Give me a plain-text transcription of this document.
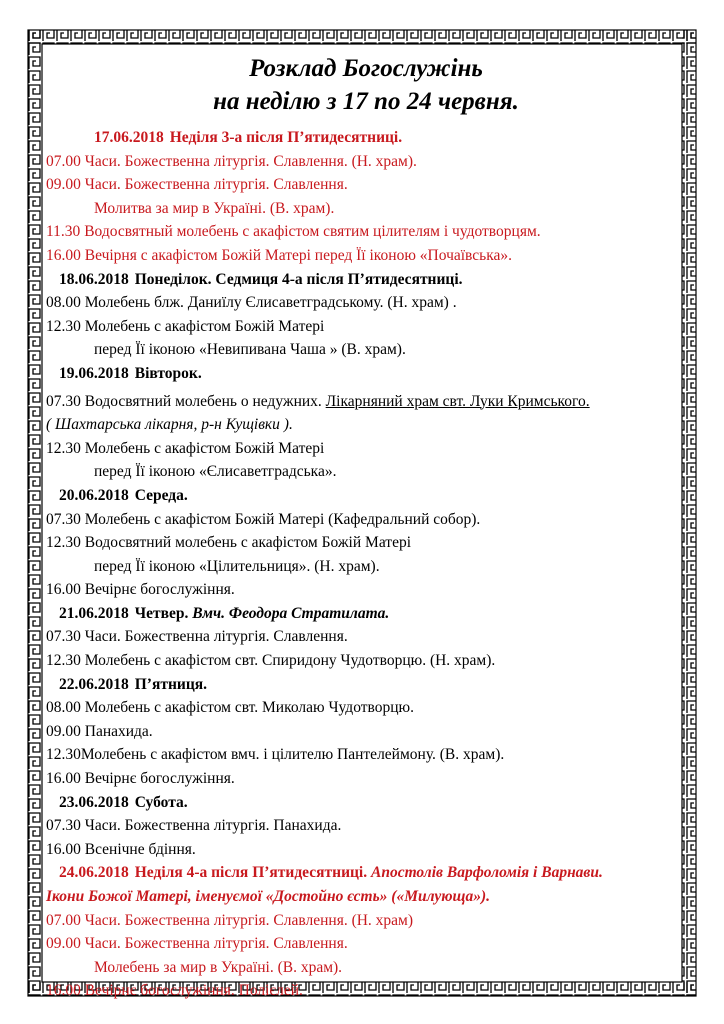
Розклад Богослужінь
на неділю з 17 по 24 червня.
17.06.2018 Неділя 3-а після П’ятидесятниці.
07.00 Часи. Божественна літургія. Славлення. (Н. храм).
09.00 Часи. Божественна літургія. Славлення.
Молитва за мир в Україні. (В. храм).
11.30 Водосвятный молебень с акафістом святим цілителям і чудотворцям.
16.00 Вечірня с акафістом Божій Матері перед Її іконою «Почаївська».
18.06.2018 Понеділок. Седмиця 4-а після П’ятидесятниці.
08.00 Молебень блж. Даниїлу Єлисаветградському. (Н. храм) .
12.30 Молебень с акафістом Божій Матері
перед Її іконою «Невипивана Чаша » (В. храм).
19.06.2018 Вівторок.
07.30 Водосвятний молебень о недужних. Лікарняний храм свт. Луки Кримського.
( Шахтарська лікарня, р-н Кущівки ).
12.30 Молебень с акафістом Божій Матері
перед Її іконою «Єлисаветградська».
20.06.2018 Середа.
07.30 Молебень с акафістом Божій Матері (Кафедральний собор).
12.30 Водосвятний молебень с акафістом Божій Матері
перед Її іконою «Цілительниця». (Н. храм).
16.00 Вечірнє богослужіння.
21.06.2018 Четвер. Вмч. Феодора Стратилата.
07.30 Часи. Божественна літургія. Славлення.
12.30 Молебень с акафістом свт. Спиридону Чудотворцю. (Н. храм).
22.06.2018 П’ятниця.
08.00 Молебень с акафістом свт. Миколаю Чудотворцю.
09.00 Панахида.
12.30Молебень с акафістом вмч. і цілителю Пантелеймону. (В. храм).
16.00 Вечірнє богослужіння.
23.06.2018 Субота.
07.30 Часи. Божественна літургія. Панахида.
16.00 Всенічне бдіння.
24.06.2018 Неділя 4-а після П’ятидесятниці. Апостолів Варфоломія і Варнави.
Ікони Божої Матері, іменуємої «Достойно єсть» («Милующа»).
07.00 Часи. Божественна літургія. Славлення. (Н. храм)
09.00 Часи. Божественна літургія. Славлення.
Молебень за мир в Україні. (В. храм).
16.00 Вечірнє богослужіння. Полієлей.
